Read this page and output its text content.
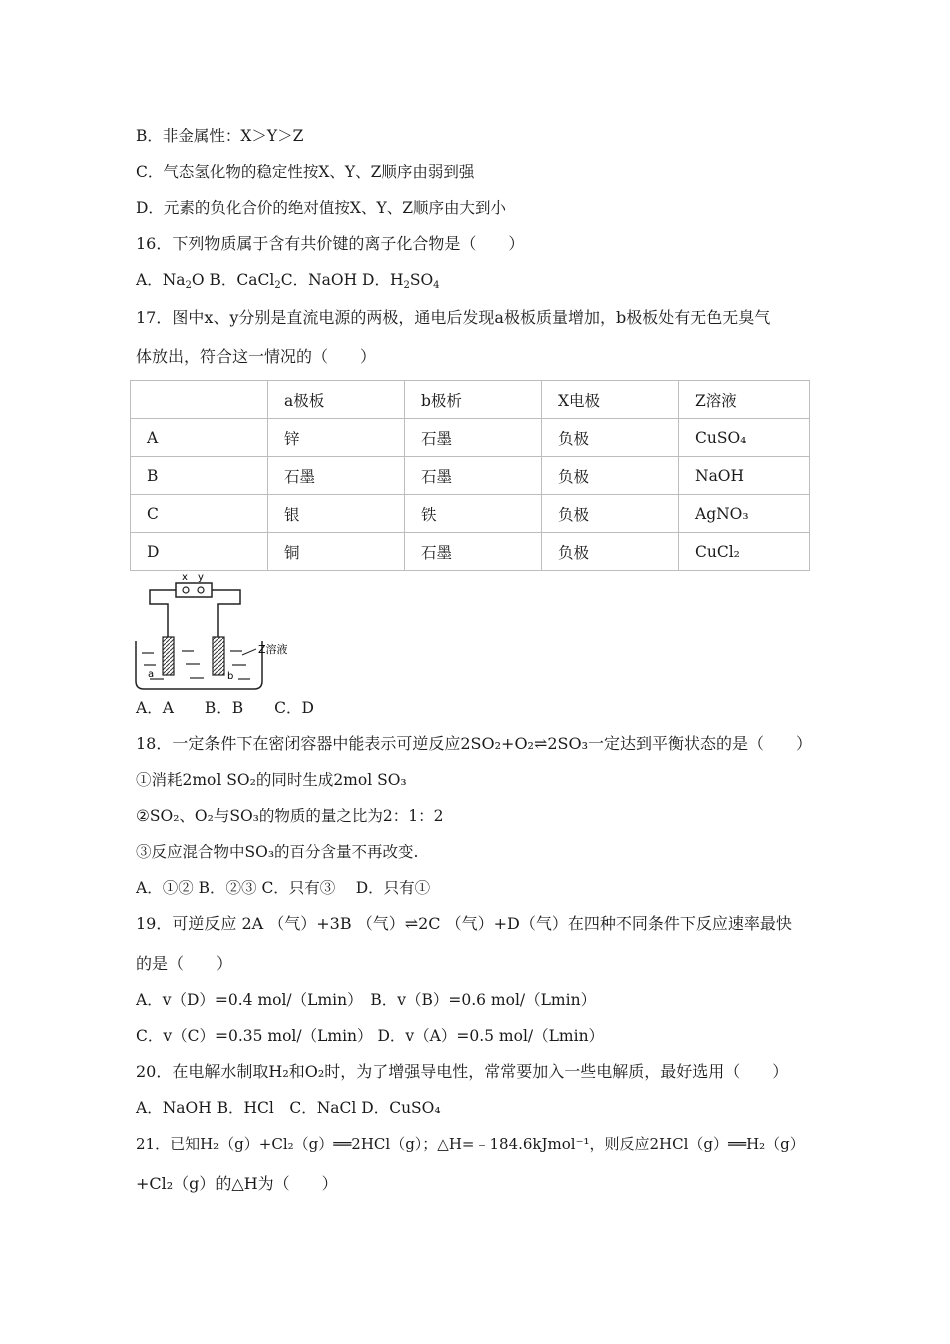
B．非金属性：X＞Y＞Z
C．气态氢化物的稳定性按X、Y、Z顺序由弱到强
D．元素的负化合价的绝对值按X、Y、Z顺序由大到小
16．下列物质属于含有共价键的离子化合物是（　　）
A．$Na_2O$ B．CaCl$_2$C．NaOH D．$H_2SO_4$
17．图中x、y分别是直流电源的两极，通电后发现a极板质量增加，b极板处有无色无臭气
体放出，符合这一情况的（　　）
	a极板	b极析	X电极	Z溶液
A	锌	石墨	负极	CuSO₄
B	石墨	石墨	负极	NaOH
C	银	铁	负极	AgNO₃
D	铜	石墨	负极	CuCl₂
x y
Z溶液
a	b
A．A　　B．B　　C．D
18．一定条件下在密闭容器中能表示可逆反应2SO₂+O₂⇌2SO₃一定达到平衡状态的是（　　）
①消耗2mol SO₂的同时生成2mol SO₃
②SO₂、O₂与SO₃的物质的量之比为2：1：2
③反应混合物中SO₃的百分含量不再改变.
A．①② B．②③ C．只有③　 D．只有①
19．可逆反应 2A （气）+3B （气）⇌2C （气）+D（气）在四种不同条件下反应速率最快
的是（　　）
A．v（D）=0.4 mol/（Lmin）　B．v（B）=0.6 mol/（Lmin）
C．v（C）=0.35 mol/（Lmin） D．v（A）=0.5 mol/（Lmin）
20．在电解水制取H₂和O₂时，为了增强导电性，常常要加入一些电解质，最好选用（　　）
A．NaOH B．HCl　C．NaCl D．CuSO₄
21．已知H₂（g）+Cl₂（g）══2HCl（g）；△H=﹣184.6kJmol⁻¹，则反应2HCl（g）══H₂（g）
+Cl₂（g）的△H为（　　）
